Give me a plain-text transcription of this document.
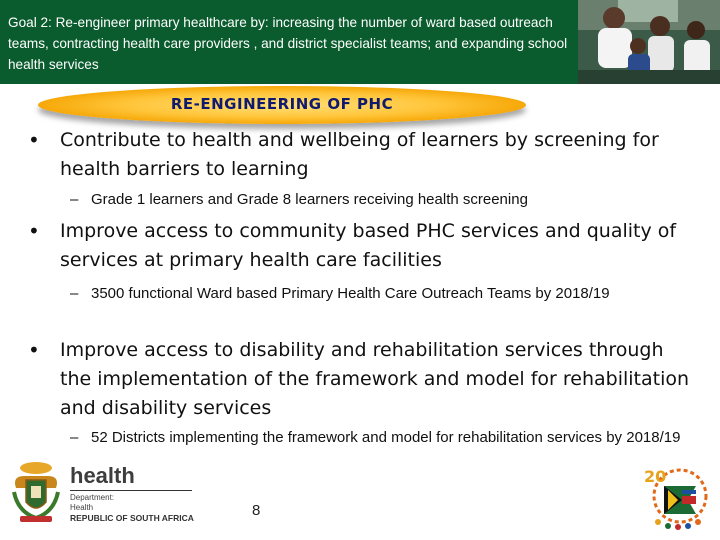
Goal 2: Re-engineer primary healthcare by: increasing the number of ward based outreach teams, contracting health care providers , and district specialist teams; and expanding school health services
RE-ENGINEERING OF PHC
• Contribute to health and wellbeing of learners by screening for health barriers to learning
– Grade 1 learners and Grade 8 learners receiving health screening
• Improve access to community based PHC services and quality of services at primary health care facilities
– 3500 functional Ward based Primary Health Care Outreach Teams by 2018/19
• Improve access to disability and rehabilitation services through the implementation of the framework and model for rehabilitation and disability services
– 52 Districts implementing the framework and model for rehabilitation services by 2018/19
health
Department:
Health
REPUBLIC OF SOUTH AFRICA	8
20
